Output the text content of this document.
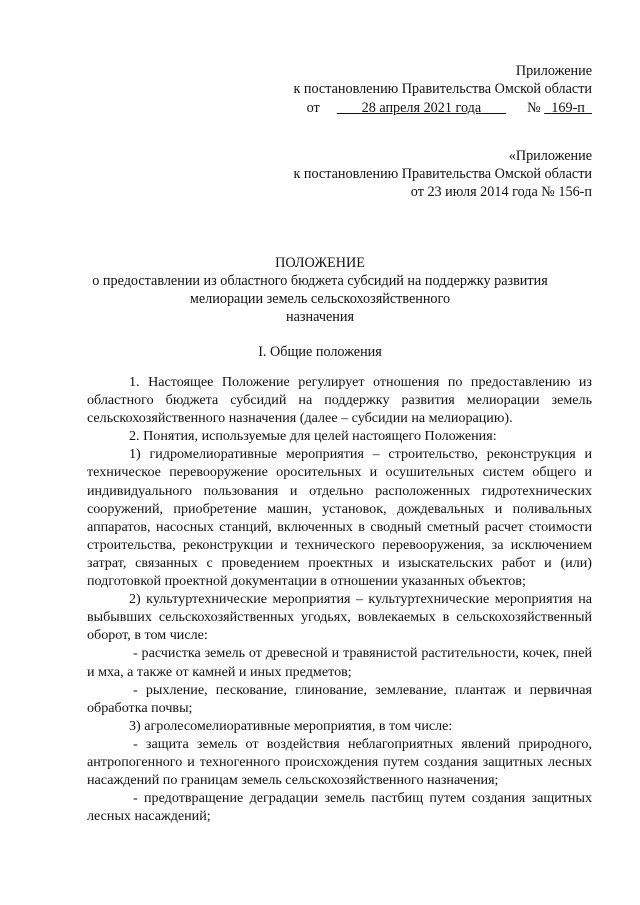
Приложение
к постановлению Правительства Омской области
от	28 апреля 2021 года	№ 169-п
«Приложение
к постановлению Правительства Омской области
от 23 июля 2014 года № 156-п
ПОЛОЖЕНИЕ
о предоставлении из областного бюджета субсидий на поддержку развития
мелиорации земель сельскохозяйственного
назначения
I. Общие положения

1. Настоящее Положение регулирует отношения по предоставлению из областного бюджета субсидий на поддержку развития мелиорации земель сельскохозяйственного назначения (далее – субсидии на мелиорацию).

2. Понятия, используемые для целей настоящего Положения:

1) гидромелиоративные мероприятия – строительство, реконструкция и техническое перевооружение оросительных и осушительных систем общего и индивидуального пользования и отдельно расположенных гидротехнических сооружений, приобретение машин, установок, дождевальных и поливальных аппаратов, насосных станций, включенных в сводный сметный расчет стоимости строительства, реконструкции и технического перевооружения, за исключением затрат, связанных с проведением проектных и изыскательских работ и (или) подготовкой проектной документации в отношении указанных объектов;

2) культуртехнические мероприятия – культуртехнические мероприятия на выбывших сельскохозяйственных угодьях, вовлекаемых в сельскохозяйственный оборот, в том числе:

- расчистка земель от древесной и травянистой растительности, кочек, пней и мха, а также от камней и иных предметов;

- рыхление, пескование, глинование, землевание, плантаж и первичная обработка почвы;

3) агролесомелиоративные мероприятия, в том числе:

- защита земель от воздействия неблагоприятных явлений природного, антропогенного и техногенного происхождения путем создания защитных лесных насаждений по границам земель сельскохозяйственного назначения;

- предотвращение деградации земель пастбищ путем создания защитных лесных насаждений;
